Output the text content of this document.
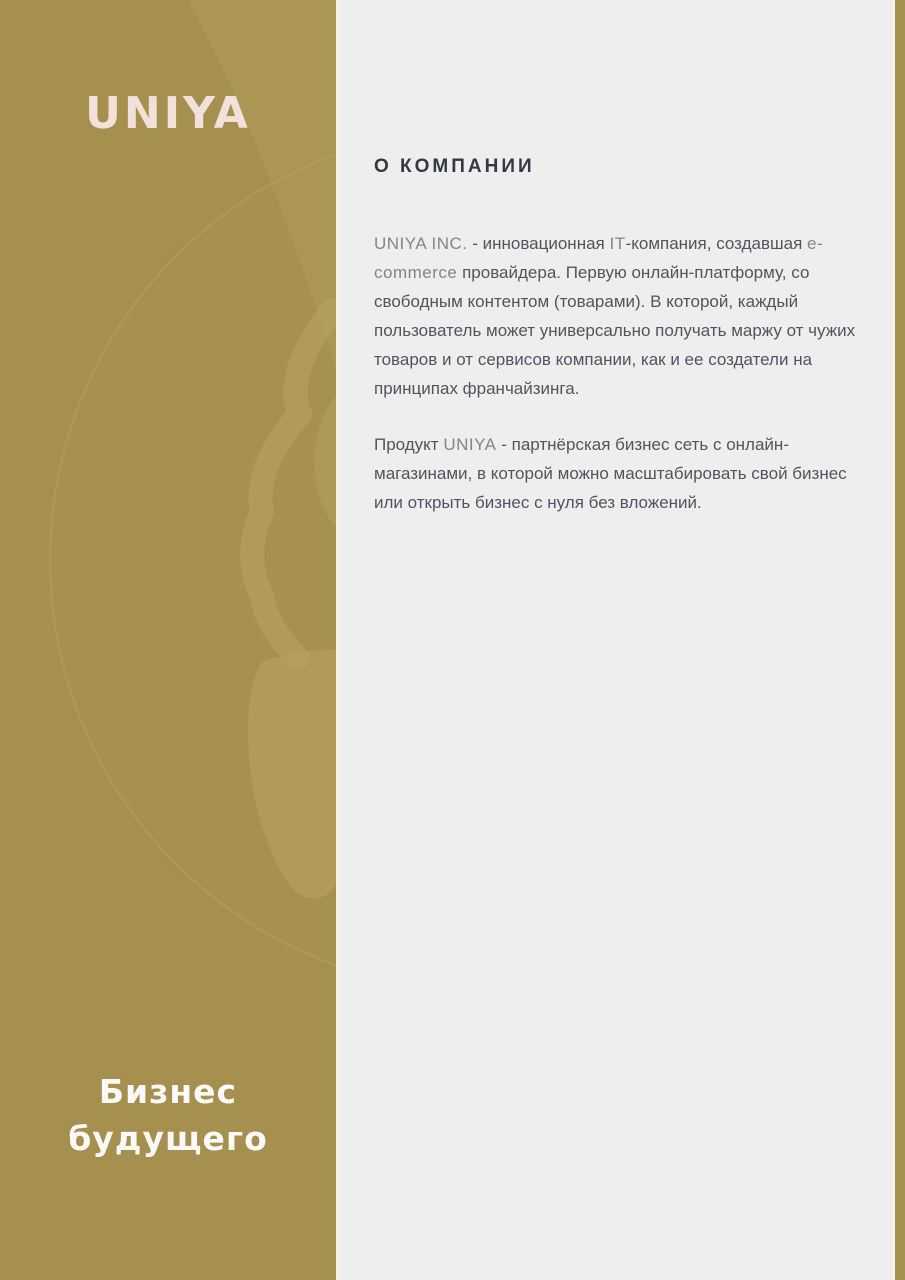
UNIYA
Бизнес
будущего
О КОМПАНИИ

UNIYA INC. - инновационная IT-компания, создавшая e-commerce провайдера. Первую онлайн-платформу, со свободным контентом (товарами). В которой, каждый пользователь может универсально получать маржу от чужих товаров и от сервисов компании, как и ее создатели на принципах франчайзинга.

Продукт UNIYA - партнёрская бизнес сеть с онлайн-магазинами, в которой можно масштабировать свой бизнес или открыть бизнес с нуля без вложений.
